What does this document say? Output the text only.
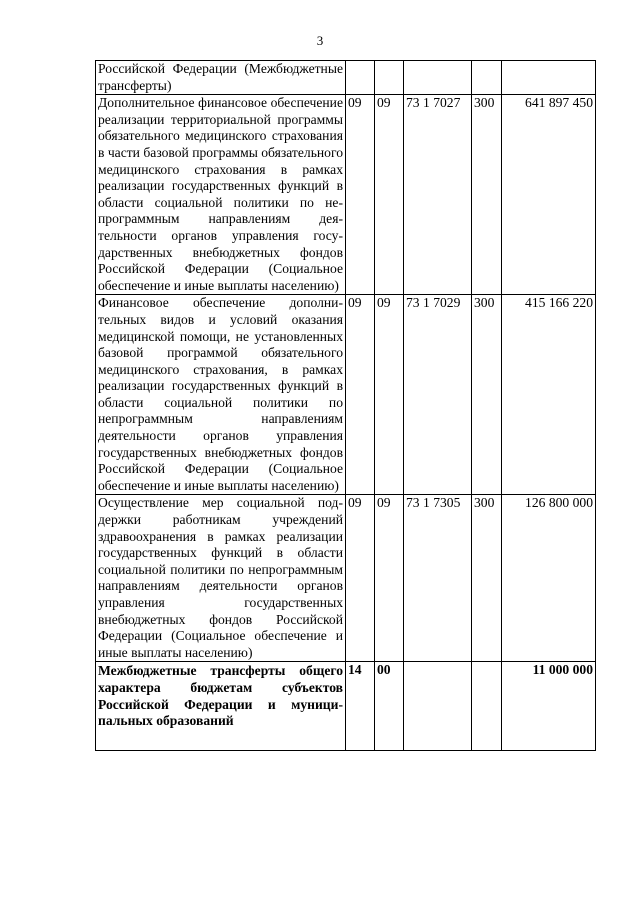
3
Российской Федерации (Межбюджетные трансферты)					
Дополнительное финансовое обеспечение реализации территориальной программы обязательного медицинского страхования в части базовой программы обязательного медицинского страхования в рамках реализации государственных функций в области социальной политики по непрограммным направлениям деятельности органов управления государственных внебюджетных фондов Российской Федерации (Социальное обеспечение и иные выплаты населению)	09	09	73 1 7027	300	641 897 450
Финансовое обеспечение дополнительных видов и условий оказания медицинской помощи, не установленных базовой программой обязательного медицинского страхования, в рамках реализации государственных функций в области социальной политики по непрограммным направлениям деятельности органов управления государственных внебюджетных фондов Российской Федерации (Социальное обеспечение и иные выплаты населению)	09	09	73 1 7029	300	415 166 220
Осуществление мер социальной поддержки работникам учреждений здравоохранения в рамках реализации государственных функций в области социальной политики по непрограммным направлениям деятельности органов управления государственных внебюджетных фондов Российской Федерации (Социальное обеспечение и иные выплаты населению)	09	09	73 1 7305	300	126 800 000
Межбюджетные трансферты общего характера бюджетам субъектов Российской Федерации и муниципальных образований	14	00			11 000 000
